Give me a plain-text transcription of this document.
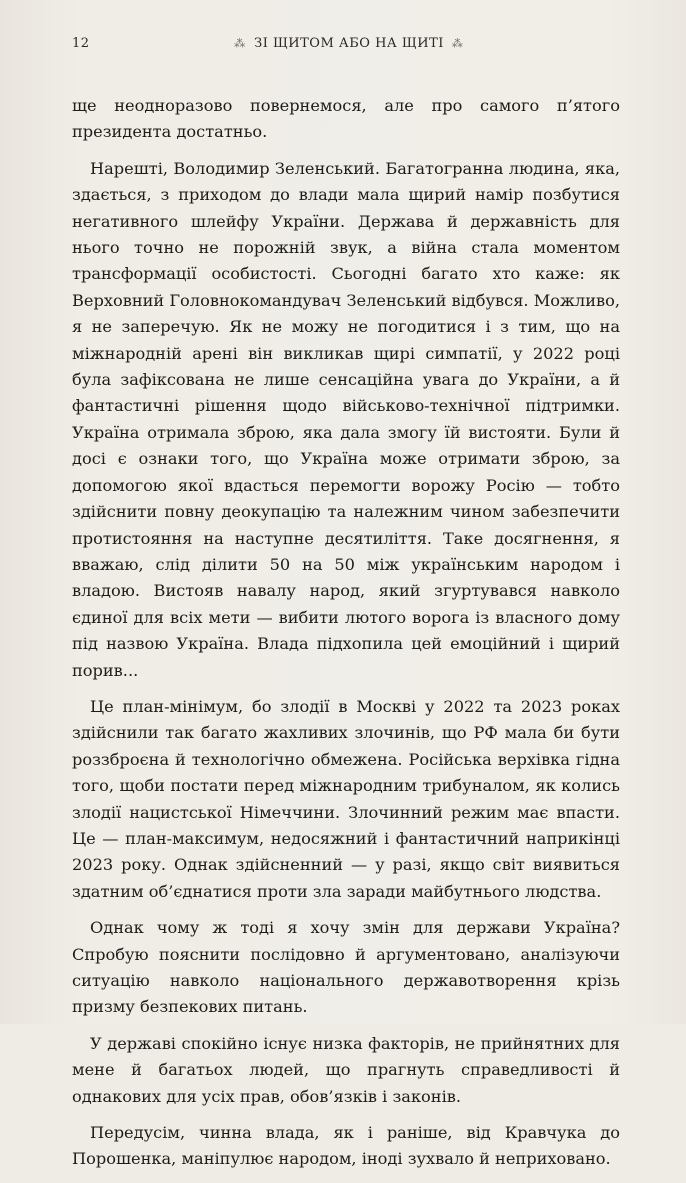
12	⁂ ЗІ ЩИТОМ АБО НА ЩИТІ ⁂

ще неодноразово повернемося, але про самого п’ятого президента достатньо.

Нарешті, Володимир Зеленський. Багатогранна людина, яка, здається, з приходом до влади мала щирий намір позбутися негативного шлейфу України. Держава й державність для нього точно не порожній звук, а війна стала моментом трансформації особистості. Сьогодні багато хто каже: як Верховний Головнокомандувач Зеленський відбувся. Можливо, я не заперечую. Як не можу не погодитися і з тим, що на міжнародній арені він викликав щирі симпатії, у 2022 році була зафіксована не лише сенсаційна увага до України, а й фантастичні рішення щодо військово-технічної підтримки. Україна отримала зброю, яка дала змогу їй вистояти. Були й досі є ознаки того, що Україна може отримати зброю, за допомогою якої вдасться перемогти ворожу Росію — тобто здійснити повну деокупацію та належним чином забезпечити протистояння на наступне десятиліття. Таке досягнення, я вважаю, слід ділити 50 на 50 між українським народом і владою. Вистояв навалу народ, який згуртувався навколо єдиної для всіх мети — вибити лютого ворога із власного дому під назвою Україна. Влада підхопила цей емоційний і щирий порив...

Це план-мінімум, бо злодії в Москві у 2022 та 2023 роках здійснили так багато жахливих злочинів, що РФ мала би бути роззброєна й технологічно обмежена. Російська верхівка гідна того, щоби постати перед міжнародним трибуналом, як колись злодії нацистської Німеччини. Злочинний режим має впасти. Це — план-максимум, недосяжний і фантастичний наприкінці 2023 року. Однак здійсненний — у разі, якщо світ виявиться здатним об’єднатися проти зла заради майбутнього людства.

Однак чому ж тоді я хочу змін для держави Україна? Спробую пояснити послідовно й аргументовано, аналізуючи ситуацію навколо національного державотворення крізь призму безпекових питань.

У державі спокійно існує низка факторів, не прийнятних для мене й багатьох людей, що прагнуть справедливості й однакових для усіх прав, обов’язків і законів.

Передусім, чинна влада, як і раніше, від Кравчука до Порошенка, маніпулює народом, іноді зухвало й неприховано.
